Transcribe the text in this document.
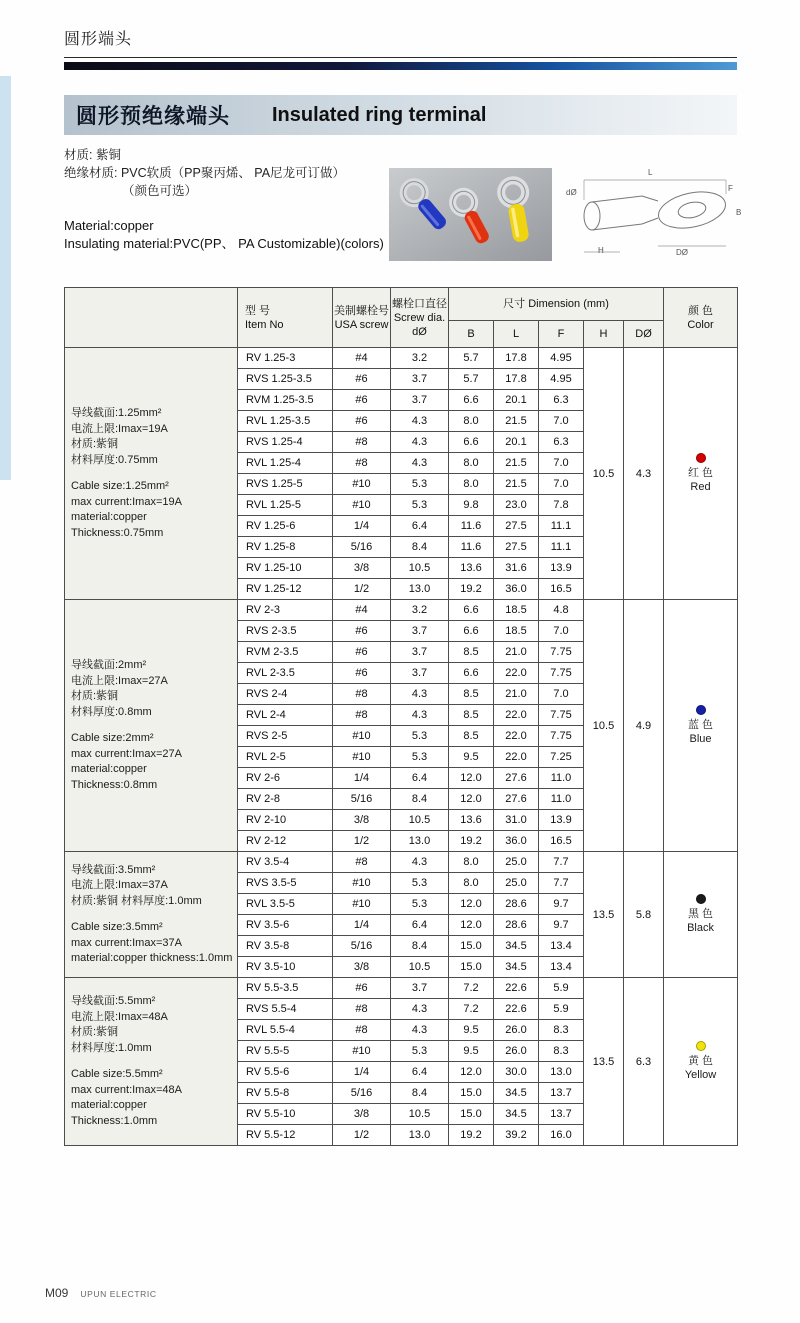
圆形端头
圆形预绝缘端头 Insulated ring terminal
材质: 紫铜
绝缘材质: PVC软质（PP聚丙烯、 PA尼龙可订做）
（颜色可选）
Material:copper
Insulating material:PVC(PP、 PA Customizable)(colors)
L
F
B
dØ
DØ
H

型 号
Item No

美制螺栓号
USA screw

螺栓口直径
Screw dia.
dØ
	尺寸 Dimension (mm)	
颜 色
Color

				B	L	F	H	DØ	

导线截面:1.25mm²
电流上限:Imax=19A
材质:紫铜
材料厚度:0.75mm
Cable size:1.25mm²
max current:Imax=19A
material:copper
Thickness:0.75mm
	RV 1.25-3	#4	3.2	5.7	17.8	4.95	10.5	4.3	红 色
Red

	RVS 1.25-3.5	#6	3.7	5.7	17.8	4.95			
	RVM 1.25-3.5	#6	3.7	6.6	20.1	6.3			
	RVL 1.25-3.5	#6	4.3	8.0	21.5	7.0			
	RVS 1.25-4	#8	4.3	6.6	20.1	6.3			
	RVL 1.25-4	#8	4.3	8.0	21.5	7.0			
	RVS 1.25-5	#10	5.3	8.0	21.5	7.0			
	RVL 1.25-5	#10	5.3	9.8	23.0	7.8			
	RV 1.25-6	1/4	6.4	11.6	27.5	11.1			
	RV 1.25-8	5/16	8.4	11.6	27.5	11.1			
	RV 1.25-10	3/8	10.5	13.6	31.6	13.9			
	RV 1.25-12	1/2	13.0	19.2	36.0	16.5			

导线截面:2mm²
电流上限:Imax=27A
材质:紫铜
材料厚度:0.8mm
Cable size:2mm²
max current:Imax=27A
material:copper
Thickness:0.8mm
	RV 2-3	#4	3.2	6.6	18.5	4.8	10.5	4.9	蓝 色
Blue

	RVS 2-3.5	#6	3.7	6.6	18.5	7.0			
	RVM 2-3.5	#6	3.7	8.5	21.0	7.75			
	RVL 2-3.5	#6	3.7	6.6	22.0	7.75			
	RVS 2-4	#8	4.3	8.5	21.0	7.0			
	RVL 2-4	#8	4.3	8.5	22.0	7.75			
	RVS 2-5	#10	5.3	8.5	22.0	7.75			
	RVL 2-5	#10	5.3	9.5	22.0	7.25			
	RV 2-6	1/4	6.4	12.0	27.6	11.0			
	RV 2-8	5/16	8.4	12.0	27.6	11.0			
	RV 2-10	3/8	10.5	13.6	31.0	13.9			
	RV 2-12	1/2	13.0	19.2	36.0	16.5			

导线截面:3.5mm²
电流上限:Imax=37A
材质:紫铜 材料厚度:1.0mm
Cable size:3.5mm²
max current:Imax=37A
material:copper thickness:1.0mm
	RV 3.5-4	#8	4.3	8.0	25.0	7.7	13.5	5.8	黑 色
Black

	RVS 3.5-5	#10	5.3	8.0	25.0	7.7			
	RVL 3.5-5	#10	5.3	12.0	28.6	9.7			
	RV 3.5-6	1/4	6.4	12.0	28.6	9.7			
	RV 3.5-8	5/16	8.4	15.0	34.5	13.4			
	RV 3.5-10	3/8	10.5	15.0	34.5	13.4			

导线截面:5.5mm²
电流上限:Imax=48A
材质:紫铜
材料厚度:1.0mm
Cable size:5.5mm²
max current:Imax=48A
material:copper
Thickness:1.0mm
	RV 5.5-3.5	#6	3.7	7.2	22.6	5.9	13.5	6.3	黄 色
Yellow

	RVS 5.5-4	#8	4.3	7.2	22.6	5.9			
	RVL 5.5-4	#8	4.3	9.5	26.0	8.3			
	RV 5.5-5	#10	5.3	9.5	26.0	8.3			
	RV 5.5-6	1/4	6.4	12.0	30.0	13.0			
	RV 5.5-8	5/16	8.4	15.0	34.5	13.7			
	RV 5.5-10	3/8	10.5	15.0	34.5	13.7			
	RV 5.5-12	1/2	13.0	19.2	39.2	16.0			
M09 UPUN ELECTRIC
